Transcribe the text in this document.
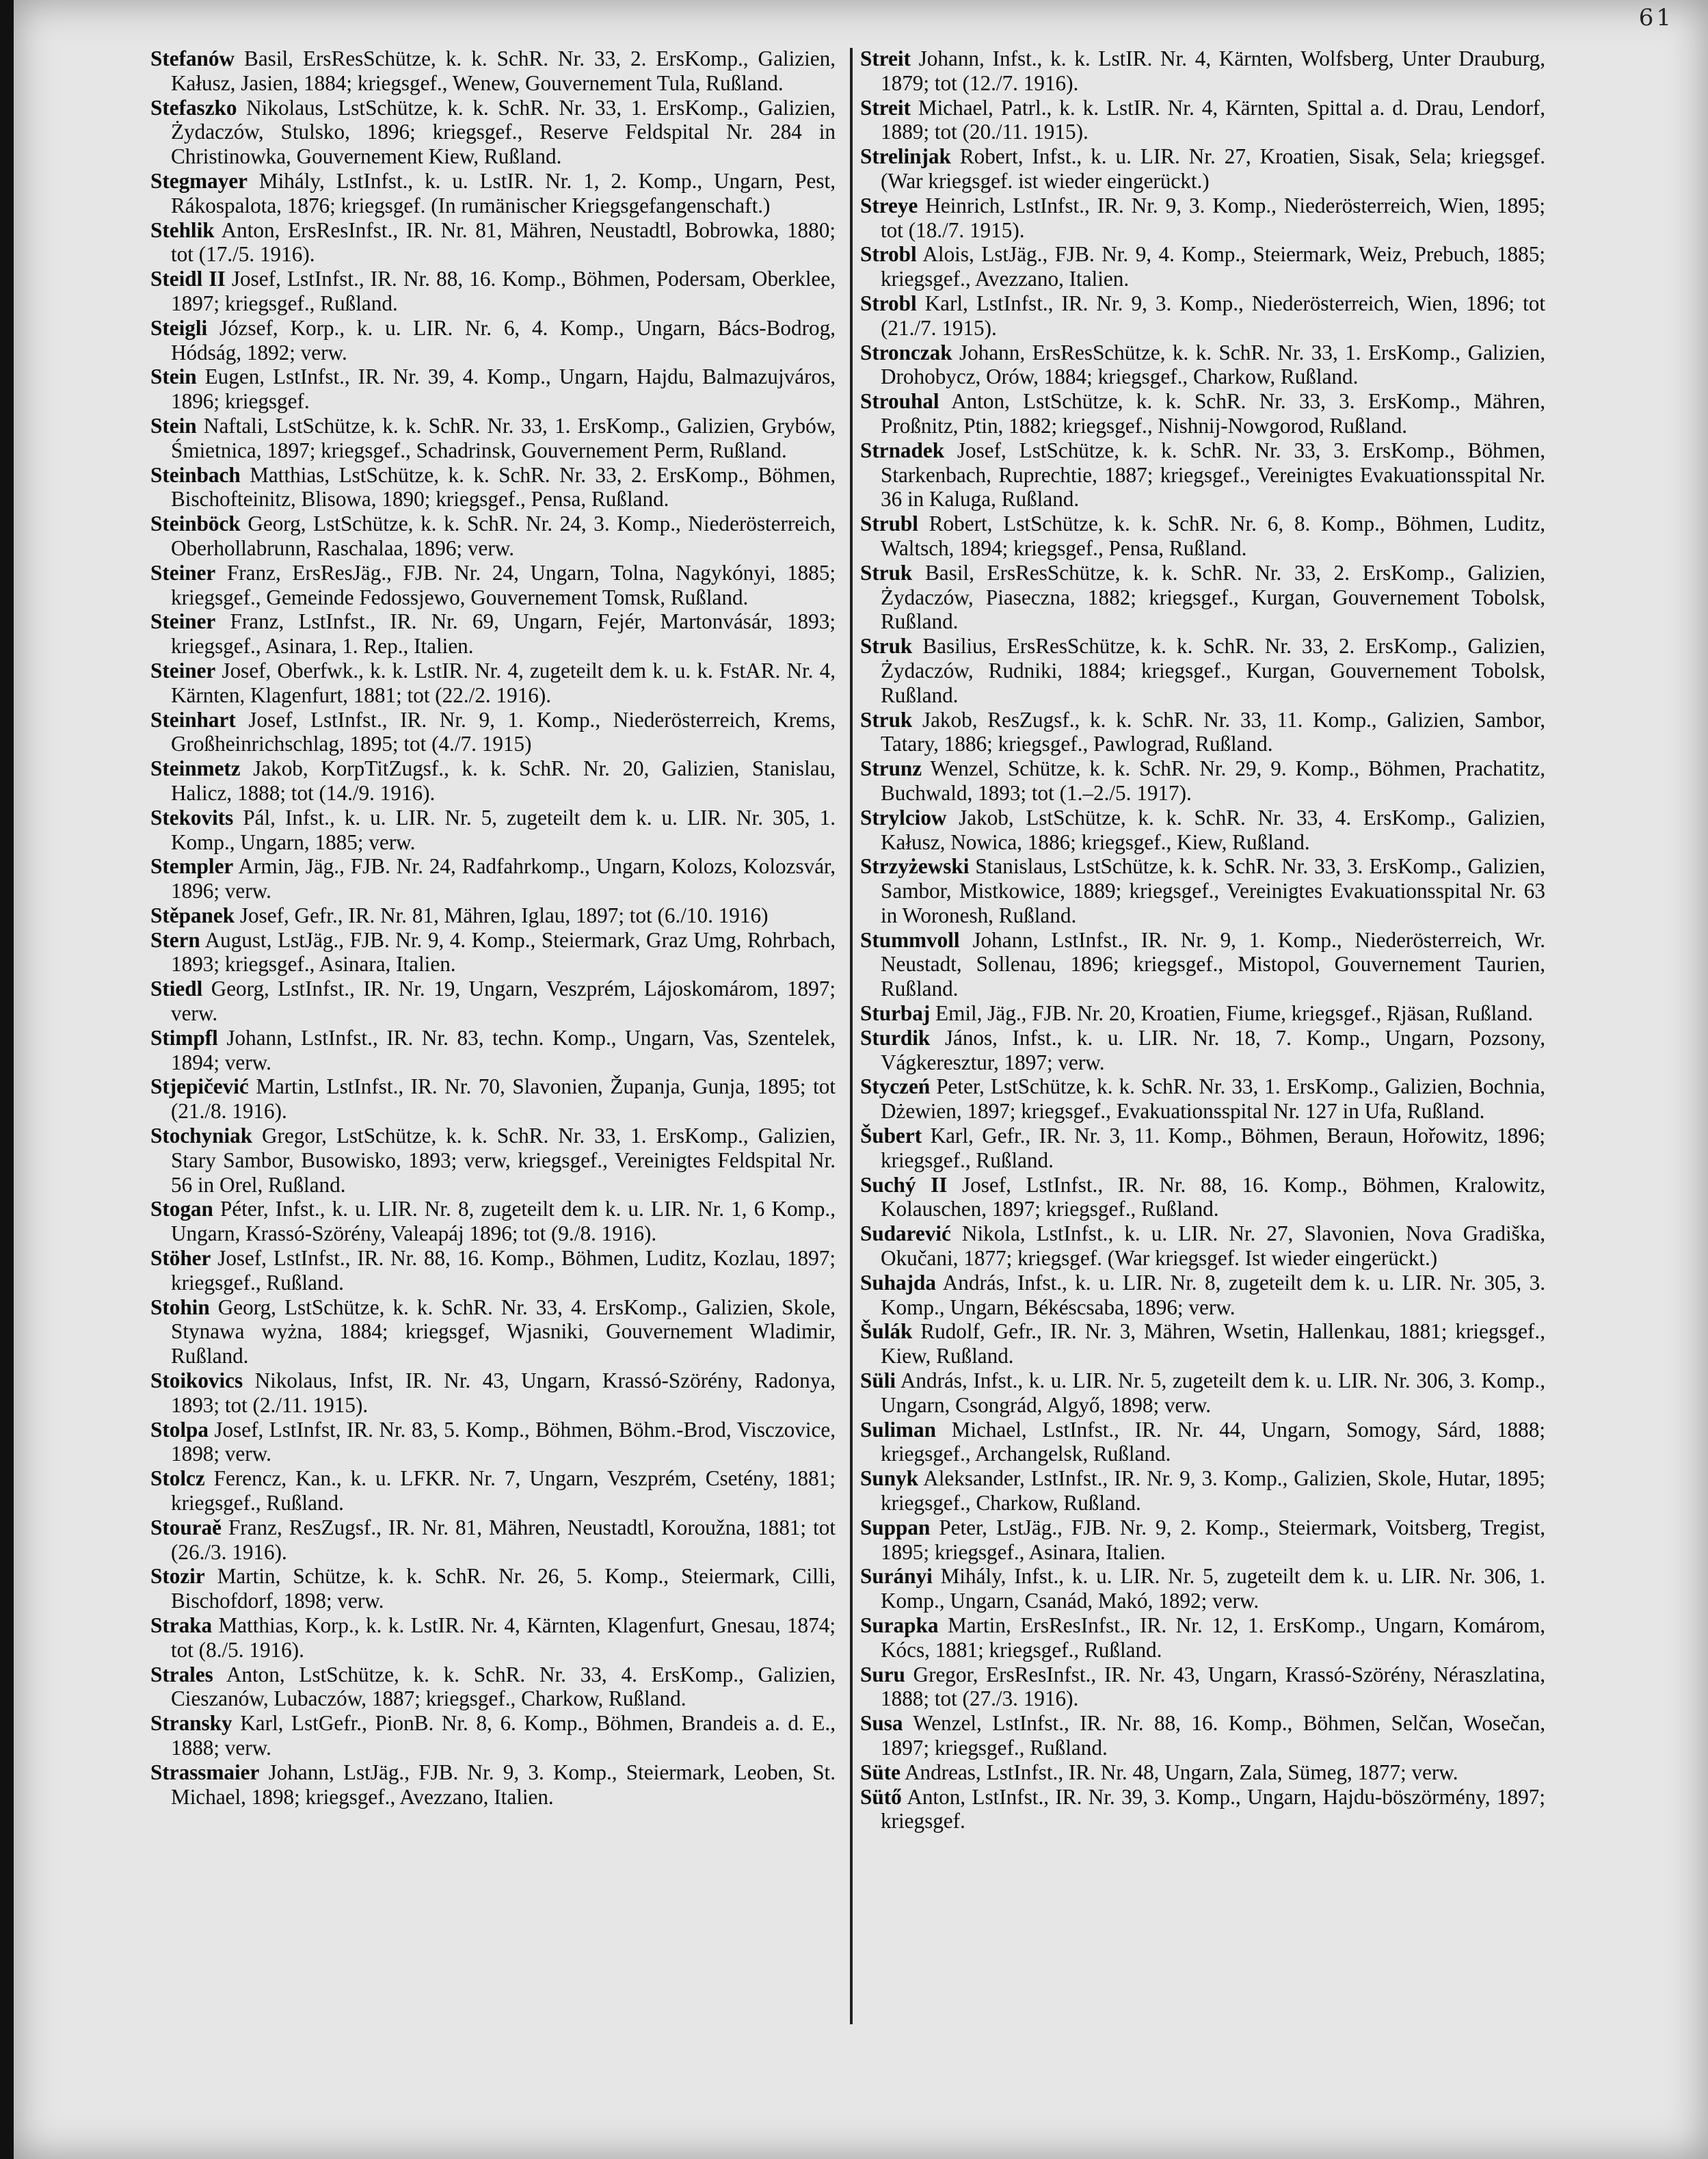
61

Stefanów Basil, ErsResSchütze, k. k. SchR. Nr. 33, 2. ErsKomp., Galizien, Kałusz, Jasien, 1884; kriegsgef., Wenew, Gouvernement Tula, Rußland.

Stefaszko Nikolaus, LstSchütze, k. k. SchR. Nr. 33, 1. ErsKomp., Galizien, Żydaczów, Stulsko, 1896; kriegsgef., Reserve Feldspital Nr. 284 in Christinowka, Gouvernement Kiew, Rußland.

Stegmayer Mihály, LstInfst., k. u. LstIR. Nr. 1, 2. Komp., Ungarn, Pest, Rákospalota, 1876; kriegsgef. (In rumänischer Kriegsgefangenschaft.)

Stehlik Anton, ErsResInfst., IR. Nr. 81, Mähren, Neustadtl, Bobrowka, 1880; tot (17./5. 1916).

Steidl II Josef, LstInfst., IR. Nr. 88, 16. Komp., Böhmen, Podersam, Oberklee, 1897; kriegsgef., Rußland.

Steigli József, Korp., k. u. LIR. Nr. 6, 4. Komp., Ungarn, Bács-Bodrog, Hódság, 1892; verw.

Stein Eugen, LstInfst., IR. Nr. 39, 4. Komp., Ungarn, Hajdu, Balmazujváros, 1896; kriegsgef.

Stein Naftali, LstSchütze, k. k. SchR. Nr. 33, 1. ErsKomp., Galizien, Grybów, Śmietnica, 1897; kriegsgef., Schadrinsk, Gouvernement Perm, Rußland.

Steinbach Matthias, LstSchütze, k. k. SchR. Nr. 33, 2. ErsKomp., Böhmen, Bischofteinitz, Blisowa, 1890; kriegsgef., Pensa, Rußland.

Steinböck Georg, LstSchütze, k. k. SchR. Nr. 24, 3. Komp., Niederösterreich, Oberhollabrunn, Raschalaa, 1896; verw.

Steiner Franz, ErsResJäg., FJB. Nr. 24, Ungarn, Tolna, Nagykónyi, 1885; kriegsgef., Gemeinde Fedossjewo, Gouvernement Tomsk, Rußland.

Steiner Franz, LstInfst., IR. Nr. 69, Ungarn, Fejér, Martonvásár, 1893; kriegsgef., Asinara, 1. Rep., Italien.

Steiner Josef, Oberfwk., k. k. LstIR. Nr. 4, zugeteilt dem k. u. k. FstAR. Nr. 4, Kärnten, Klagenfurt, 1881; tot (22./2. 1916).

Steinhart Josef, LstInfst., IR. Nr. 9, 1. Komp., Niederösterreich, Krems, Großheinrichschlag, 1895; tot (4./7. 1915)

Steinmetz Jakob, KorpTitZugsf., k. k. SchR. Nr. 20, Galizien, Stanislau, Halicz, 1888; tot (14./9. 1916).

Stekovits Pál, Infst., k. u. LIR. Nr. 5, zugeteilt dem k. u. LIR. Nr. 305, 1. Komp., Ungarn, 1885; verw.

Stempler Armin, Jäg., FJB. Nr. 24, Radfahrkomp., Ungarn, Kolozs, Kolozsvár, 1896; verw.

Stěpanek Josef, Gefr., IR. Nr. 81, Mähren, Iglau, 1897; tot (6./10. 1916)

Stern August, LstJäg., FJB. Nr. 9, 4. Komp., Steiermark, Graz Umg, Rohrbach, 1893; kriegsgef., Asinara, Italien.

Stiedl Georg, LstInfst., IR. Nr. 19, Ungarn, Veszprém, Lájoskomárom, 1897; verw.

Stimpfl Johann, LstInfst., IR. Nr. 83, techn. Komp., Ungarn, Vas, Szentelek, 1894; verw.

Stjepičević Martin, LstInfst., IR. Nr. 70, Slavonien, Županja, Gunja, 1895; tot (21./8. 1916).

Stochyniak Gregor, LstSchütze, k. k. SchR. Nr. 33, 1. ErsKomp., Galizien, Stary Sambor, Busowisko, 1893; verw, kriegsgef., Vereinigtes Feldspital Nr. 56 in Orel, Rußland.

Stogan Péter, Infst., k. u. LIR. Nr. 8, zugeteilt dem k. u. LIR. Nr. 1, 6 Komp., Ungarn, Krassó-Szörény, Valeapáj 1896; tot (9./8. 1916).

Stöher Josef, LstInfst., IR. Nr. 88, 16. Komp., Böhmen, Luditz, Kozlau, 1897; kriegsgef., Rußland.

Stohin Georg, LstSchütze, k. k. SchR. Nr. 33, 4. ErsKomp., Galizien, Skole, Stynawa wyżna, 1884; kriegsgef, Wjasniki, Gouvernement Wladimir, Rußland.

Stoikovics Nikolaus, Infst, IR. Nr. 43, Ungarn, Krassó-Szörény, Radonya, 1893; tot (2./11. 1915).

Stolpa Josef, LstInfst, IR. Nr. 83, 5. Komp., Böhmen, Böhm.-Brod, Visczovice, 1898; verw.

Stolcz Ferencz, Kan., k. u. LFKR. Nr. 7, Ungarn, Veszprém, Csetény, 1881; kriegsgef., Rußland.

Stouraě Franz, ResZugsf., IR. Nr. 81, Mähren, Neustadtl, Koroužna, 1881; tot (26./3. 1916).

Stozir Martin, Schütze, k. k. SchR. Nr. 26, 5. Komp., Steiermark, Cilli, Bischofdorf, 1898; verw.

Straka Matthias, Korp., k. k. LstIR. Nr. 4, Kärnten, Klagenfurt, Gnesau, 1874; tot (8./5. 1916).

Strales Anton, LstSchütze, k. k. SchR. Nr. 33, 4. ErsKomp., Galizien, Cieszanów, Lubaczów, 1887; kriegsgef., Charkow, Rußland.

Stransky Karl, LstGefr., PionB. Nr. 8, 6. Komp., Böhmen, Brandeis a. d. E., 1888; verw.

Strassmaier Johann, LstJäg., FJB. Nr. 9, 3. Komp., Steiermark, Leoben, St. Michael, 1898; kriegsgef., Avezzano, Italien.

Streit Johann, Infst., k. k. LstIR. Nr. 4, Kärnten, Wolfsberg, Unter Drauburg, 1879; tot (12./7. 1916).

Streit Michael, Patrl., k. k. LstIR. Nr. 4, Kärnten, Spittal a. d. Drau, Lendorf, 1889; tot (20./11. 1915).

Strelinjak Robert, Infst., k. u. LIR. Nr. 27, Kroatien, Sisak, Sela; kriegsgef. (War kriegsgef. ist wieder eingerückt.)

Streye Heinrich, LstInfst., IR. Nr. 9, 3. Komp., Niederösterreich, Wien, 1895; tot (18./7. 1915).

Strobl Alois, LstJäg., FJB. Nr. 9, 4. Komp., Steiermark, Weiz, Prebuch, 1885; kriegsgef., Avezzano, Italien.

Strobl Karl, LstInfst., IR. Nr. 9, 3. Komp., Niederösterreich, Wien, 1896; tot (21./7. 1915).

Stronczak Johann, ErsResSchütze, k. k. SchR. Nr. 33, 1. ErsKomp., Galizien, Drohobycz, Orów, 1884; kriegsgef., Charkow, Rußland.

Strouhal Anton, LstSchütze, k. k. SchR. Nr. 33, 3. ErsKomp., Mähren, Proßnitz, Ptin, 1882; kriegsgef., Nishnij-Nowgorod, Rußland.

Strnadek Josef, LstSchütze, k. k. SchR. Nr. 33, 3. ErsKomp., Böhmen, Starkenbach, Ruprechtie, 1887; kriegsgef., Vereinigtes Evakuationsspital Nr. 36 in Kaluga, Rußland.

Strubl Robert, LstSchütze, k. k. SchR. Nr. 6, 8. Komp., Böhmen, Luditz, Waltsch, 1894; kriegsgef., Pensa, Rußland.

Struk Basil, ErsResSchütze, k. k. SchR. Nr. 33, 2. ErsKomp., Galizien, Żydaczów, Piaseczna, 1882; kriegsgef., Kurgan, Gouvernement Tobolsk, Rußland.

Struk Basilius, ErsResSchütze, k. k. SchR. Nr. 33, 2. ErsKomp., Galizien, Żydaczów, Rudniki, 1884; kriegsgef., Kurgan, Gouvernement Tobolsk, Rußland.

Struk Jakob, ResZugsf., k. k. SchR. Nr. 33, 11. Komp., Galizien, Sambor, Tatary, 1886; kriegsgef., Pawlograd, Rußland.

Strunz Wenzel, Schütze, k. k. SchR. Nr. 29, 9. Komp., Böhmen, Prachatitz, Buchwald, 1893; tot (1.–2./5. 1917).

Strylciow Jakob, LstSchütze, k. k. SchR. Nr. 33, 4. ErsKomp., Galizien, Kałusz, Nowica, 1886; kriegsgef., Kiew, Rußland.

Strzyżewski Stanislaus, LstSchütze, k. k. SchR. Nr. 33, 3. ErsKomp., Galizien, Sambor, Mistkowice, 1889; kriegsgef., Vereinigtes Evakuationsspital Nr. 63 in Woronesh, Rußland.

Stummvoll Johann, LstInfst., IR. Nr. 9, 1. Komp., Niederösterreich, Wr. Neustadt, Sollenau, 1896; kriegsgef., Mistopol, Gouvernement Taurien, Rußland.

Sturbaj Emil, Jäg., FJB. Nr. 20, Kroatien, Fiume, kriegsgef., Rjäsan, Rußland.

Sturdik János, Infst., k. u. LIR. Nr. 18, 7. Komp., Ungarn, Pozsony, Vágkeresztur, 1897; verw.

Styczeń Peter, LstSchütze, k. k. SchR. Nr. 33, 1. ErsKomp., Galizien, Bochnia, Dżewien, 1897; kriegsgef., Evakuationsspital Nr. 127 in Ufa, Rußland.

Šubert Karl, Gefr., IR. Nr. 3, 11. Komp., Böhmen, Beraun, Hořowitz, 1896; kriegsgef., Rußland.

Suchý II Josef, LstInfst., IR. Nr. 88, 16. Komp., Böhmen, Kralowitz, Kolauschen, 1897; kriegsgef., Rußland.

Sudarević Nikola, LstInfst., k. u. LIR. Nr. 27, Slavonien, Nova Gradiška, Okučani, 1877; kriegsgef. (War kriegsgef. Ist wieder eingerückt.)

Suhajda András, Infst., k. u. LIR. Nr. 8, zugeteilt dem k. u. LIR. Nr. 305, 3. Komp., Ungarn, Békéscsaba, 1896; verw.

Šulák Rudolf, Gefr., IR. Nr. 3, Mähren, Wsetin, Hallenkau, 1881; kriegsgef., Kiew, Rußland.

Süli András, Infst., k. u. LIR. Nr. 5, zugeteilt dem k. u. LIR. Nr. 306, 3. Komp., Ungarn, Csongrád, Algyő, 1898; verw.

Suliman Michael, LstInfst., IR. Nr. 44, Ungarn, Somogy, Sárd, 1888; kriegsgef., Archangelsk, Rußland.

Sunyk Aleksander, LstInfst., IR. Nr. 9, 3. Komp., Galizien, Skole, Hutar, 1895; kriegsgef., Charkow, Rußland.

Suppan Peter, LstJäg., FJB. Nr. 9, 2. Komp., Steiermark, Voitsberg, Tregist, 1895; kriegsgef., Asinara, Italien.

Surányi Mihály, Infst., k. u. LIR. Nr. 5, zugeteilt dem k. u. LIR. Nr. 306, 1. Komp., Ungarn, Csanád, Makó, 1892; verw.

Surapka Martin, ErsResInfst., IR. Nr. 12, 1. ErsKomp., Ungarn, Komárom, Kócs, 1881; kriegsgef., Rußland.

Suru Gregor, ErsResInfst., IR. Nr. 43, Ungarn, Krassó-Szörény, Néraszlatina, 1888; tot (27./3. 1916).

Susa Wenzel, LstInfst., IR. Nr. 88, 16. Komp., Böhmen, Selčan, Wosečan, 1897; kriegsgef., Rußland.

Süte Andreas, LstInfst., IR. Nr. 48, Ungarn, Zala, Sümeg, 1877; verw.

Sütő Anton, LstInfst., IR. Nr. 39, 3. Komp., Ungarn, Hajdu-böszörmény, 1897; kriegsgef.
